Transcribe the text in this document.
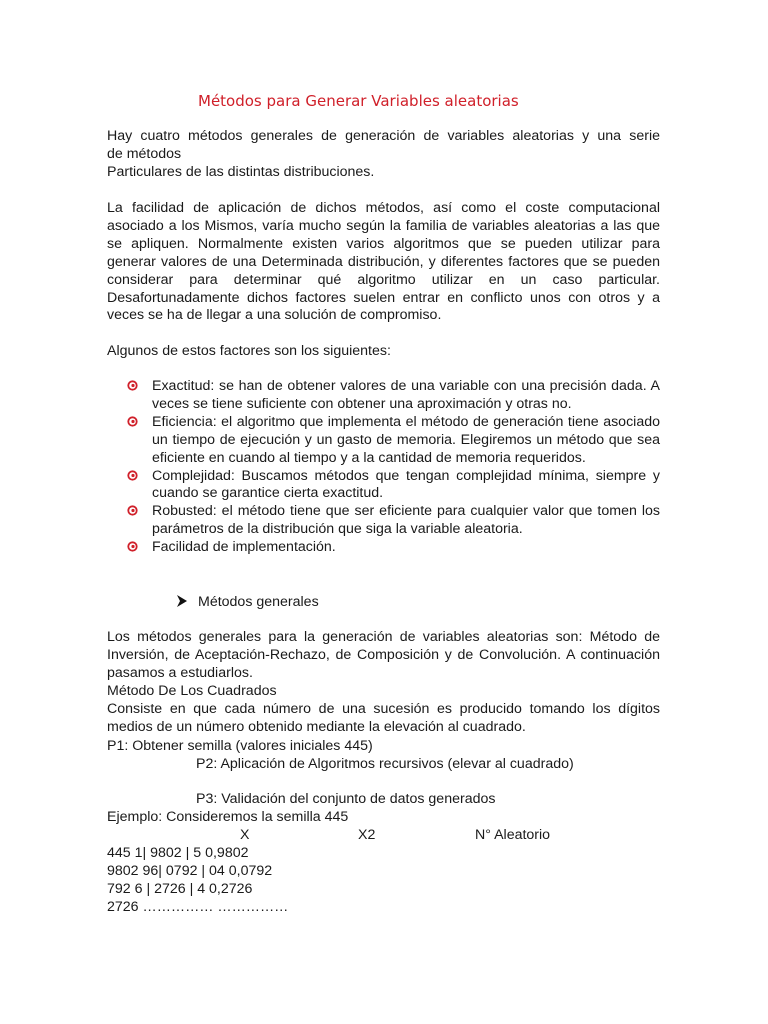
Métodos para Generar Variables aleatorias
Hay cuatro métodos generales de generación de variables aleatorias y una serie
de métodos
Particulares de las distintas distribuciones.

La facilidad de aplicación de dichos métodos, así como el coste computacional asociado a los Mismos, varía mucho según la familia de variables aleatorias a las que se apliquen. Normalmente existen varios algoritmos que se pueden utilizar para generar valores de una Determinada distribución, y diferentes factores que se pueden considerar para determinar qué algoritmo utilizar en un caso particular. Desafortunadamente dichos factores suelen entrar en conflicto unos con otros y a veces se ha de llegar a una solución de compromiso.

Algunos de estos factores son los siguientes:

Exactitud: se han de obtener valores de una variable con una precisión dada. A veces se tiene suficiente con obtener una aproximación y otras no.
Eficiencia: el algoritmo que implementa el método de generación tiene asociado un tiempo de ejecución y un gasto de memoria. Elegiremos un método que sea eficiente en cuando al tiempo y a la cantidad de memoria requeridos.
Complejidad: Buscamos métodos que tengan complejidad mínima, siempre y cuando se garantice cierta exactitud.
Robusted: el método tiene que ser eficiente para cualquier valor que tomen los parámetros de la distribución que siga la variable aleatoria.
Facilidad de implementación.
Métodos generales

Los métodos generales para la generación de variables aleatorias son: Método de Inversión, de Aceptación-Rechazo, de Composición y de Convolución. A continuación pasamos a estudiarlos.

Método De Los Cuadrados

Consiste en que cada número de una sucesión es producido tomando los dígitos medios de un número obtenido mediante la elevación al cuadrado.

P1: Obtener semilla (valores iniciales 445)
P2: Aplicación de Algoritmos recursivos (elevar al cuadrado)
P3: Validación del conjunto de datos generados
Ejemplo: Consideremos la semilla 445
X	X2	N° Aleatorio
445 1| 9802 | 5 0,9802
9802 96| 0792 | 04 0,0792
792 6 | 2726 | 4 0,2726
2726 …………… ……………
